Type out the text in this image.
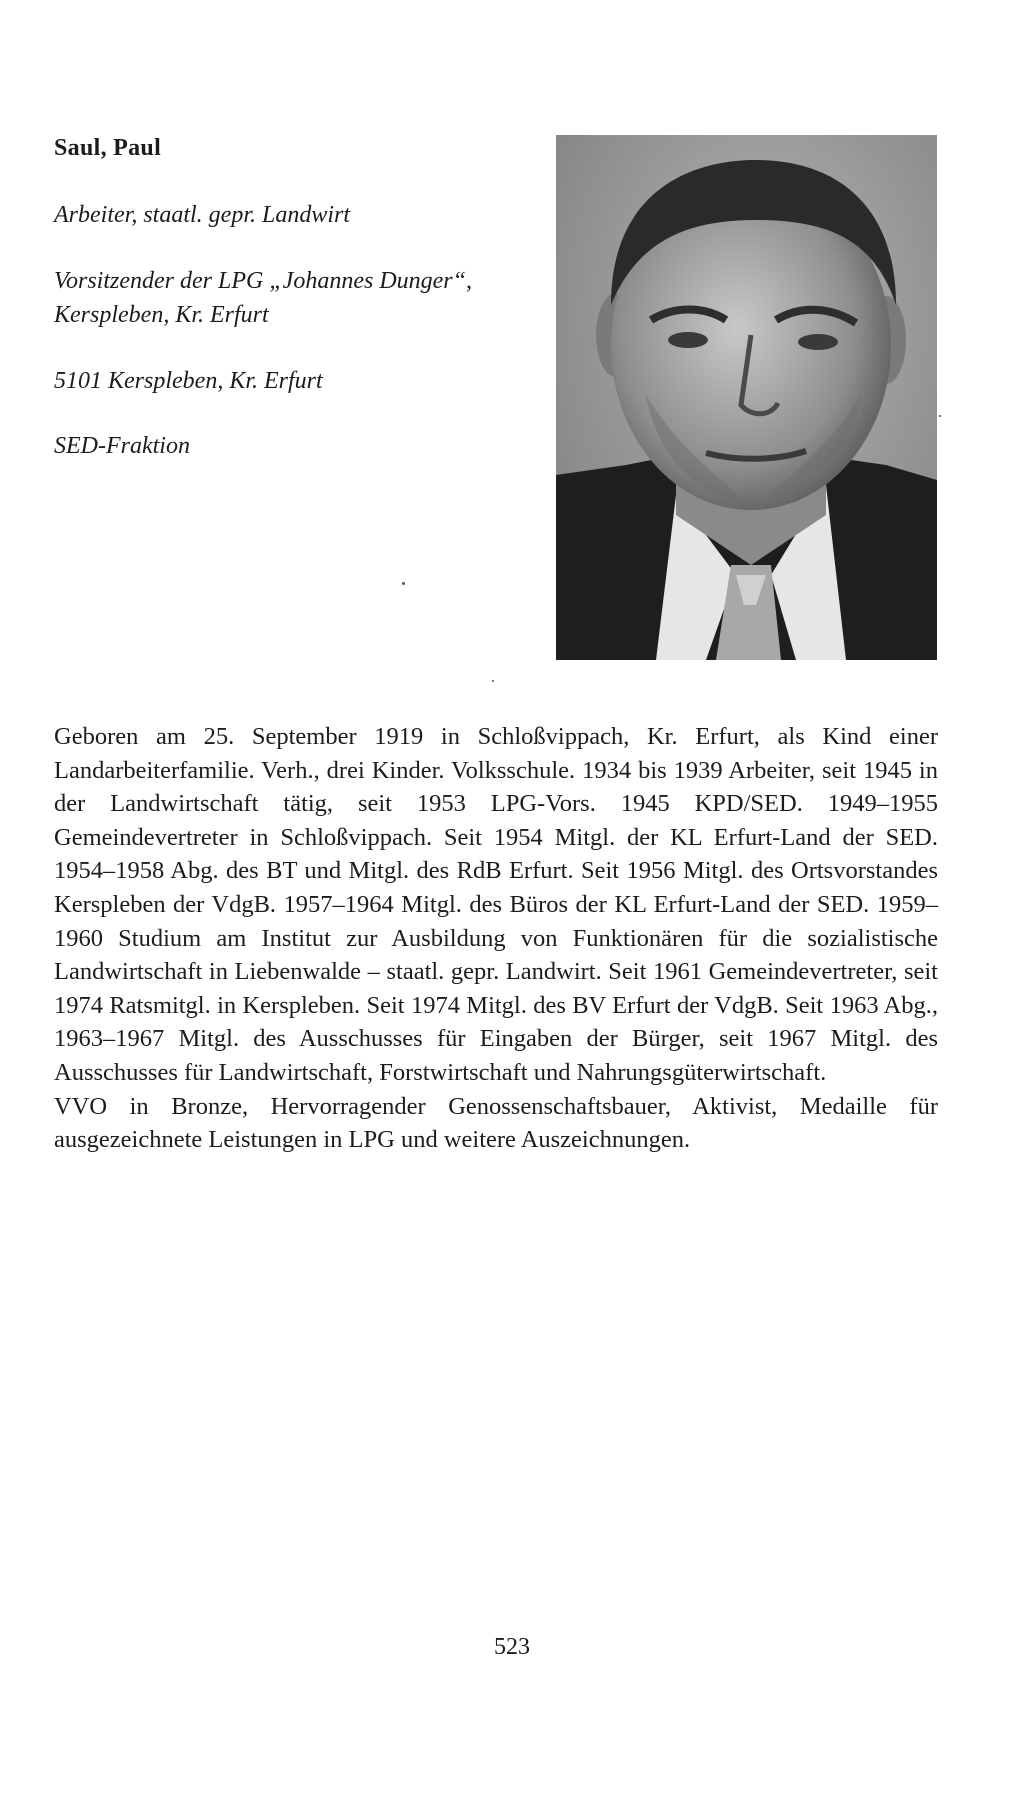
Saul, Paul
Arbeiter, staatl. gepr. Landwirt
Vorsitzender der LPG „Johannes Dunger“, Kerspleben, Kr. Erfurt
5101 Kerspleben, Kr. Erfurt
SED-Fraktion

Geboren am 25. September 1919 in Schloßvippach, Kr. Erfurt, als Kind einer Landarbeiterfamilie. Verh., drei Kinder. Volksschule. 1934 bis 1939 Arbeiter, seit 1945 in der Landwirtschaft tätig, seit 1953 LPG-Vors. 1945 KPD/SED. 1949–1955 Gemeindevertreter in Schloßvippach. Seit 1954 Mitgl. der KL Erfurt-Land der SED. 1954–1958 Abg. des BT und Mitgl. des RdB Erfurt. Seit 1956 Mitgl. des Ortsvorstandes Kerspleben der VdgB. 1957–1964 Mitgl. des Büros der KL Erfurt-Land der SED. 1959–1960 Studium am Institut zur Ausbildung von Funktionären für die sozialistische Landwirtschaft in Liebenwalde – staatl. gepr. Landwirt. Seit 1961 Gemeindevertreter, seit 1974 Ratsmitgl. in Kerspleben. Seit 1974 Mitgl. des BV Erfurt der VdgB. Seit 1963 Abg., 1963–1967 Mitgl. des Ausschusses für Eingaben der Bürger, seit 1967 Mitgl. des Ausschusses für Landwirtschaft, Forstwirtschaft und Nahrungsgüterwirtschaft.

VVO in Bronze, Hervorragender Genossenschaftsbauer, Aktivist, Medaille für ausgezeichnete Leistungen in LPG und weitere Auszeichnungen.

523
